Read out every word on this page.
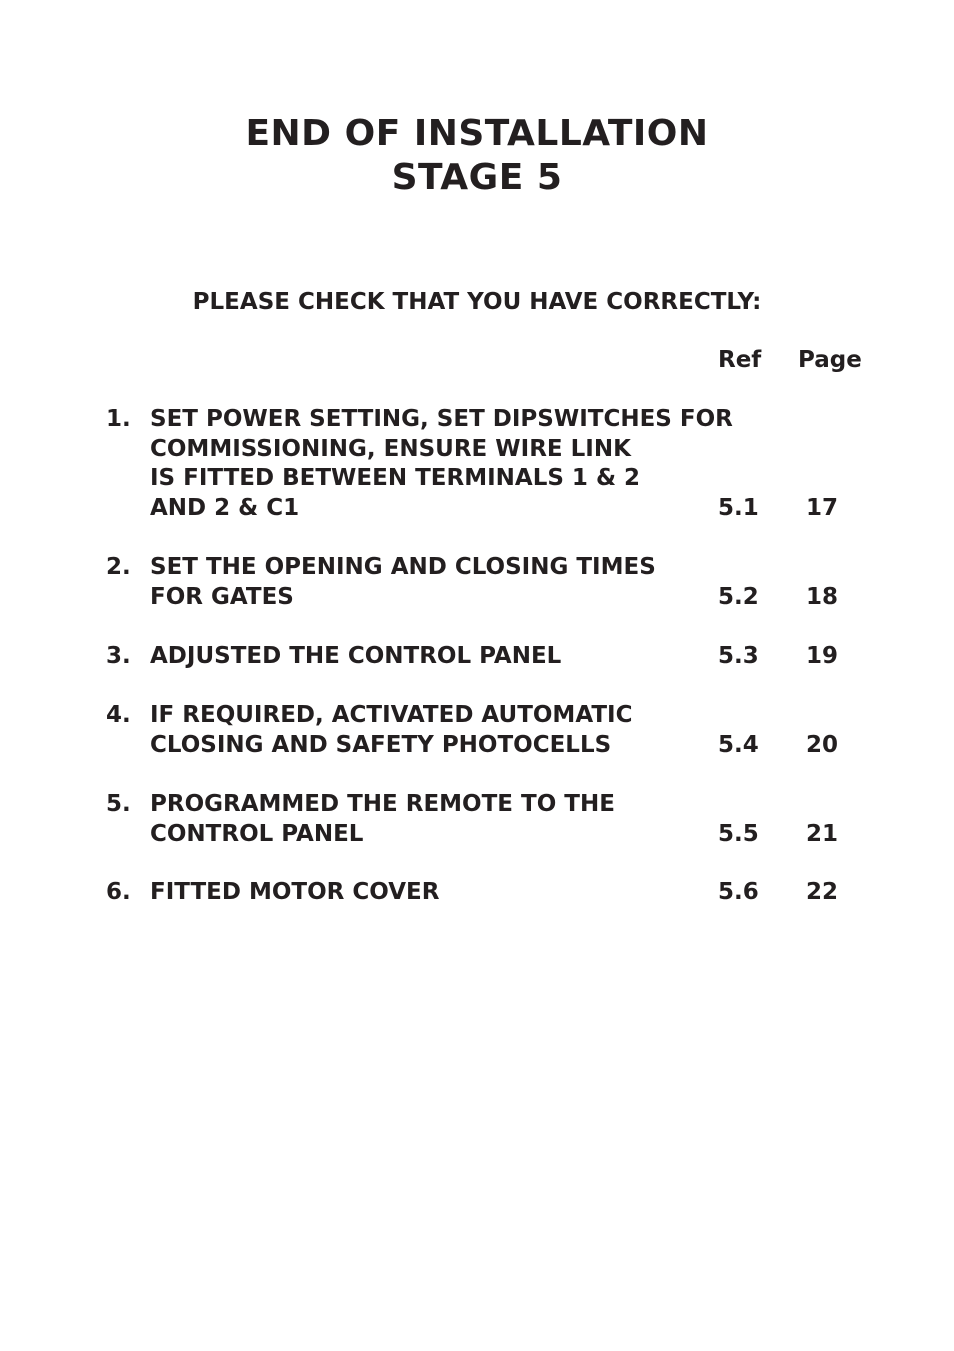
END OF INSTALLATION
STAGE 5
PLEASE CHECK THAT YOU HAVE CORRECTLY:
Ref Page
1. SET POWER SETTING, SET DIPSWITCHES FOR
COMMISSIONING, ENSURE WIRE LINK
IS FITTED BETWEEN TERMINALS 1 & 2
AND 2 & C1	5.1 17
2. SET THE OPENING AND CLOSING TIMES
FOR GATES	5.2 18
3. ADJUSTED THE CONTROL PANEL	5.3 19
4. IF REQUIRED, ACTIVATED AUTOMATIC
CLOSING AND SAFETY PHOTOCELLS	5.4 20
5. PROGRAMMED THE REMOTE TO THE
CONTROL PANEL	5.5 21
6. FITTED MOTOR COVER	5.6 22
